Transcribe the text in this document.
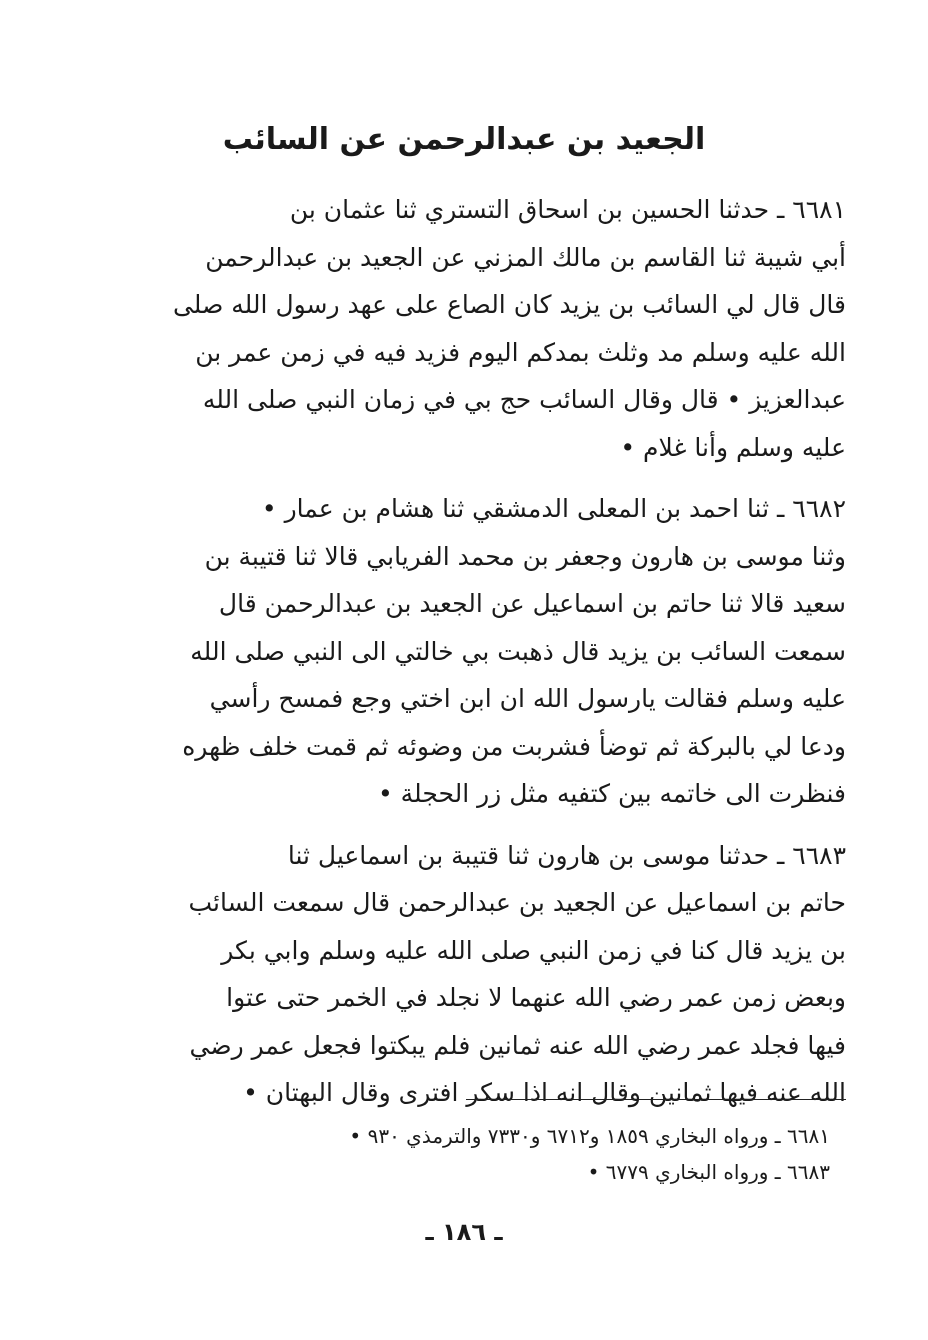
الجعيد بن عبدالرحمن عن السائب
٦٦٨١ ـ حدثنا الحسين بن اسحاق التستري ثنا عثمان بن
أبي شيبة ثنا القاسم بن مالك المزني عن الجعيد بن عبدالرحمن
قال قال لي السائب بن يزيد كان الصاع على عهد رسول الله صلى
الله عليه وسلم مد وثلث بمدكم اليوم فزيد فيه في زمن عمر بن
عبدالعزيز • قال وقال السائب حج بي في زمان النبي صلى الله
عليه وسلم وأنا غلام •
٦٦٨٢ ـ ثنا احمد بن المعلى الدمشقي ثنا هشام بن عمار •
وثنا موسى بن هارون وجعفر بن محمد الفريابي قالا ثنا قتيبة بن
سعيد قالا ثنا حاتم بن اسماعيل عن الجعيد بن عبدالرحمن قال
سمعت السائب بن يزيد قال ذهبت بي خالتي الى النبي صلى الله
عليه وسلم فقالت يارسول الله ان ابن اختي وجع فمسح رأسي
ودعا لي بالبركة ثم توضأ فشربت من وضوئه ثم قمت خلف ظهره
فنظرت الى خاتمه بين كتفيه مثل زر الحجلة •
٦٦٨٣ ـ حدثنا موسى بن هارون ثنا قتيبة بن اسماعيل ثنا
حاتم بن اسماعيل عن الجعيد بن عبدالرحمن قال سمعت السائب
بن يزيد قال كنا في زمن النبي صلى الله عليه وسلم وابي بكر
وبعض زمن عمر رضي الله عنهما لا نجلد في الخمر حتى عتوا
فيها فجلد عمر رضي الله عنه ثمانين فلم يبكتوا فجعل عمر رضي
الله عنه فيها ثمانين وقال انه اذا سكر افترى وقال البهتان •
٦٦٨١ ـ ورواه البخاري ١٨٥٩ و٦٧١٢ و٧٣٣٠ والترمذي ٩٣٠ •
٦٦٨٣ ـ ورواه البخاري ٦٧٧٩ •
ـ ١٨٦ ـ
